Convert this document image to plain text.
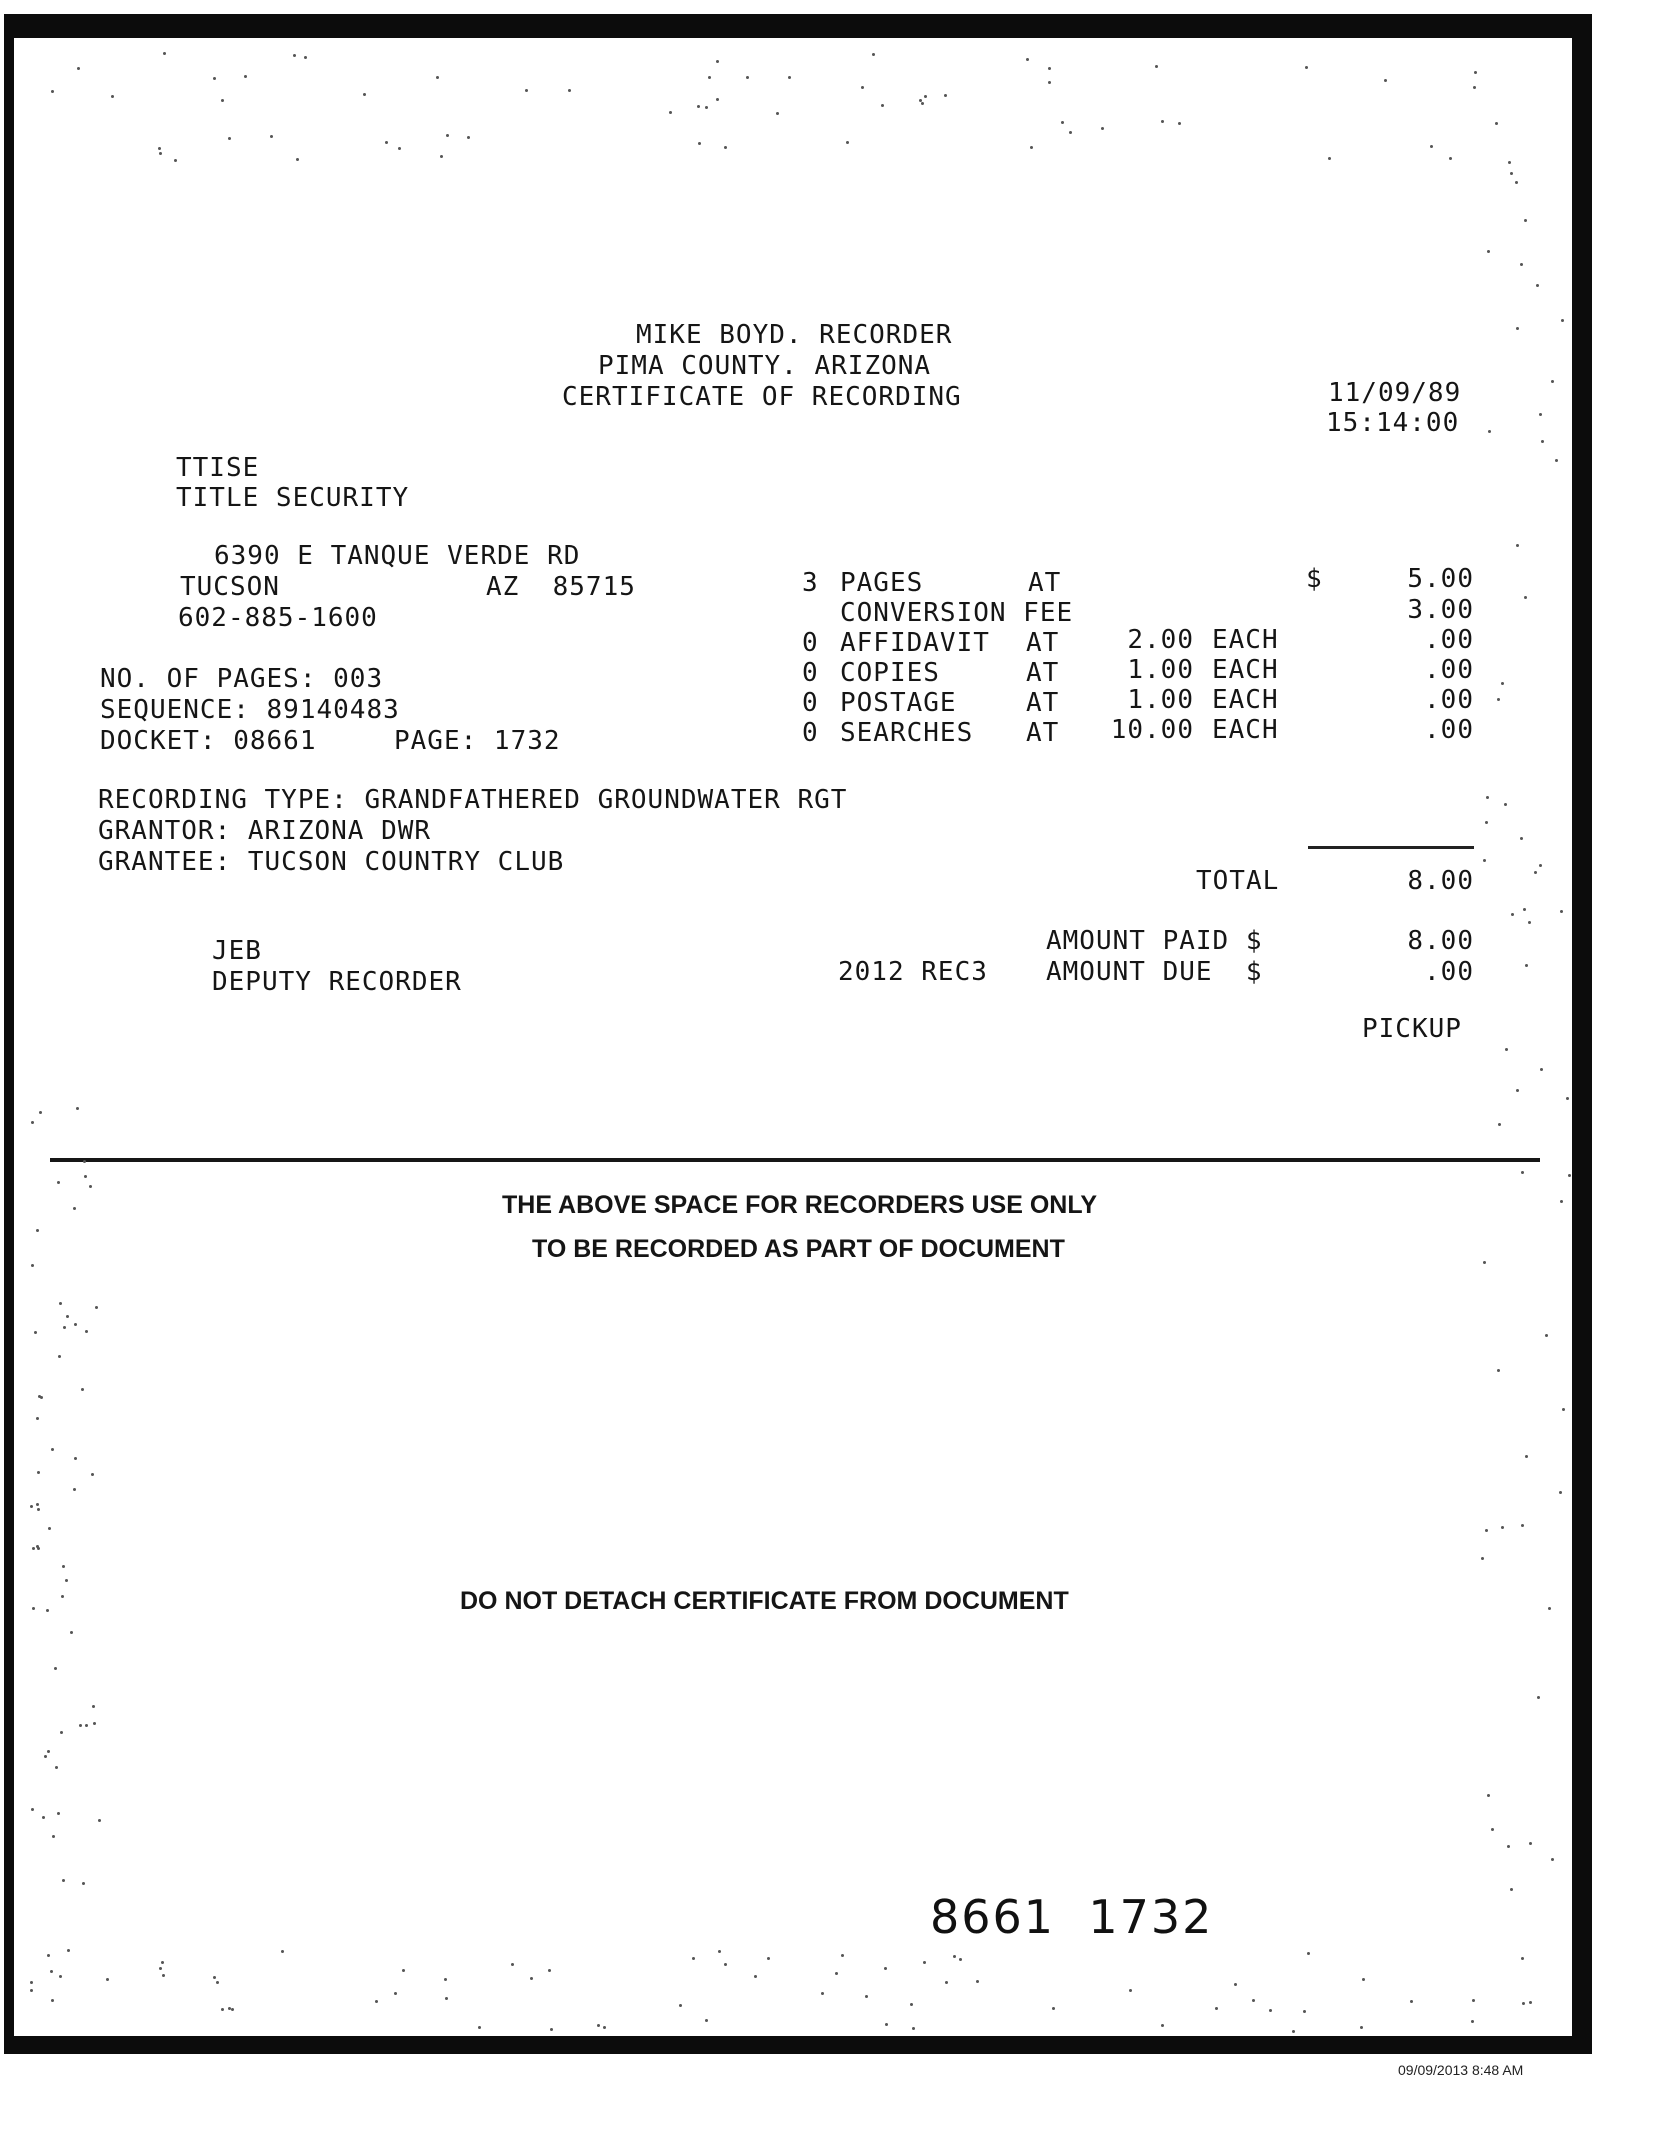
MIKE BOYD. RECORDER
PIMA COUNTY. ARIZONA
CERTIFICATE OF RECORDING	11/09/89
15:14:00
TTISE
TITLE SECURITY
6390 E TANQUE VERDE RD
TUCSON	AZ  85715
602-885-1600
NO. OF PAGES: 003
SEQUENCE: 89140483
DOCKET: 08661	PAGE: 1732
RECORDING TYPE: GRANDFATHERED GROUNDWATER RGT
GRANTOR: ARIZONA DWR
GRANTEE: TUCSON COUNTRY CLUB
3 PAGES	AT	$	5.00
CONVERSION FEE	3.00
0 AFFIDAVIT AT	2.00 EACH	.00
0 COPIES	AT	1.00 EACH	.00
0 POSTAGE	AT	1.00 EACH	.00
0 SEARCHES AT 10.00 EACH	.00
TOTAL	8.00
AMOUNT PAID $	8.00
2012 REC3 AMOUNT DUE  $	.00
PICKUP
JEB
DEPUTY RECORDER
THE ABOVE SPACE FOR RECORDERS USE ONLY
TO BE RECORDED AS PART OF DOCUMENT
DO NOT DETACH CERTIFICATE FROM DOCUMENT
8661 1732
09/09/2013 8:48 AM
